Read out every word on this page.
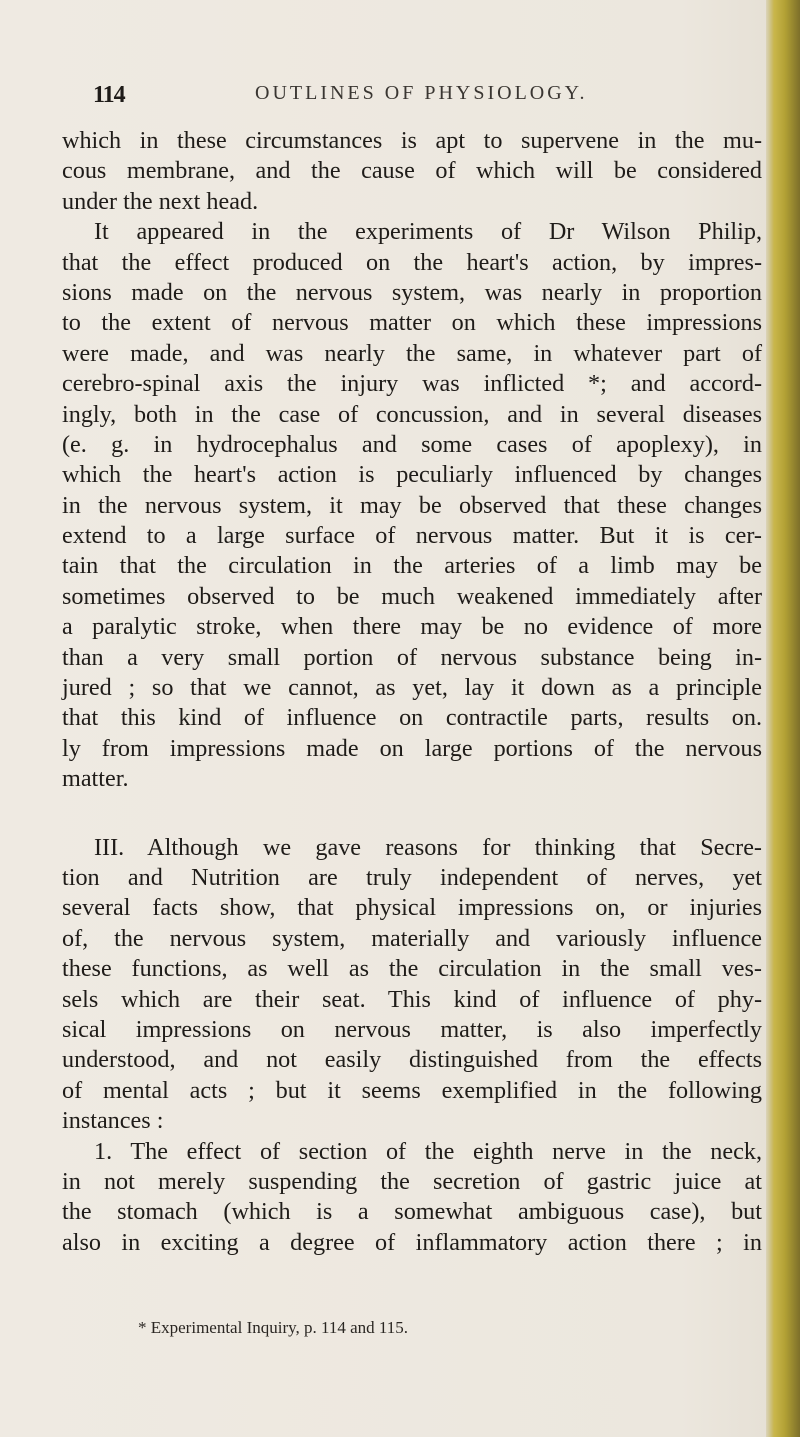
114	OUTLINES OF PHYSIOLOGY.
which in these circumstances is apt to supervene in the mu-
cous membrane, and the cause of which will be considered
under the next head.
It appeared in the experiments of Dr Wilson Philip,
that the effect produced on the heart's action, by impres-
sions made on the nervous system, was nearly in proportion
to the extent of nervous matter on which these impressions
were made, and was nearly the same, in whatever part of
cerebro-spinal axis the injury was inflicted *; and accord-
ingly, both in the case of concussion, and in several diseases
(e. g. in hydrocephalus and some cases of apoplexy), in
which the heart's action is peculiarly influenced by changes
in the nervous system, it may be observed that these changes
extend to a large surface of nervous matter. But it is cer-
tain that the circulation in the arteries of a limb may be
sometimes observed to be much weakened immediately after
a paralytic stroke, when there may be no evidence of more
than a very small portion of nervous substance being in-
jured ; so that we cannot, as yet, lay it down as a principle
that this kind of influence on contractile parts, results on.
ly from impressions made on large portions of the nervous
matter.
III. Although we gave reasons for thinking that Secre-
tion and Nutrition are truly independent of nerves, yet
several facts show, that physical impressions on, or injuries
of, the nervous system, materially and variously influence
these functions, as well as the circulation in the small ves-
sels which are their seat. This kind of influence of phy-
sical impressions on nervous matter, is also imperfectly
understood, and not easily distinguished from the effects
of mental acts ; but it seems exemplified in the following
instances :
1. The effect of section of the eighth nerve in the neck,
in not merely suspending the secretion of gastric juice at
the stomach (which is a somewhat ambiguous case), but
also in exciting a degree of inflammatory action there ; in
* Experimental Inquiry, p. 114 and 115.
